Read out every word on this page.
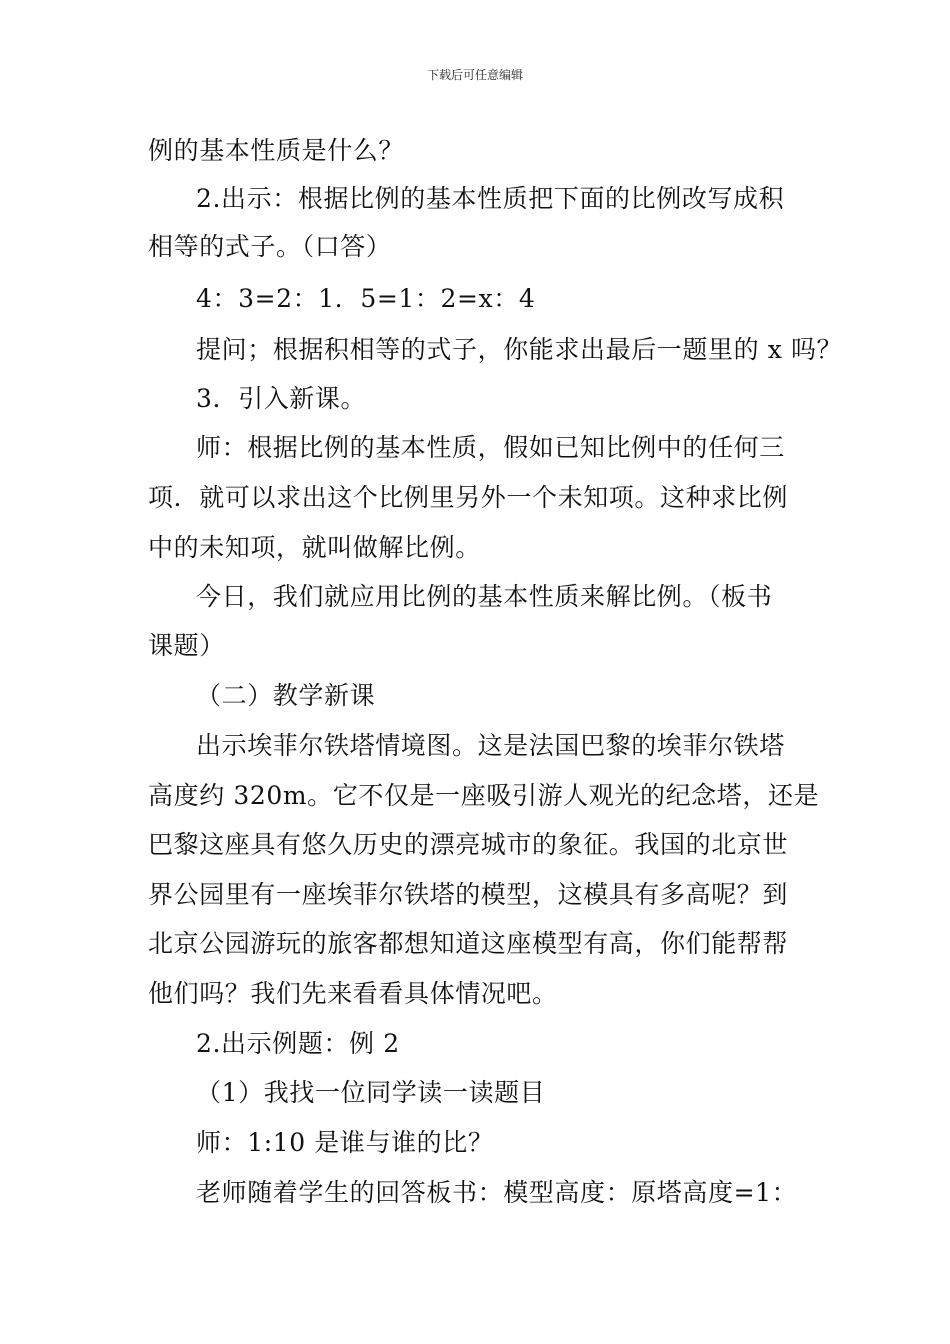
下载后可任意编辑
例的基本性质是什么？
2.出示：根据比例的基本性质把下面的比例改写成积
相等的式子。（口答）
4：3=2：1．5=1：2=x：4
提问；根据积相等的式子，你能求出最后一题里的 x 吗？
3．引入新课。
师：根据比例的基本性质，假如已知比例中的任何三
项．就可以求出这个比例里另外一个未知项。这种求比例
中的未知项，就叫做解比例。
今日，我们就应用比例的基本性质来解比例。（板书
课题）
（二）教学新课
出示埃菲尔铁塔情境图。这是法国巴黎的埃菲尔铁塔
高度约 320m。它不仅是一座吸引游人观光的纪念塔，还是
巴黎这座具有悠久历史的漂亮城市的象征。我国的北京世
界公园里有一座埃菲尔铁塔的模型，这模具有多高呢？到
北京公园游玩的旅客都想知道这座模型有高，你们能帮帮
他们吗？我们先来看看具体情况吧。
2.出示例题：例 2
（1）我找一位同学读一读题目
师：1:10 是谁与谁的比？
老师随着学生的回答板书：模型高度：原塔高度=1：
